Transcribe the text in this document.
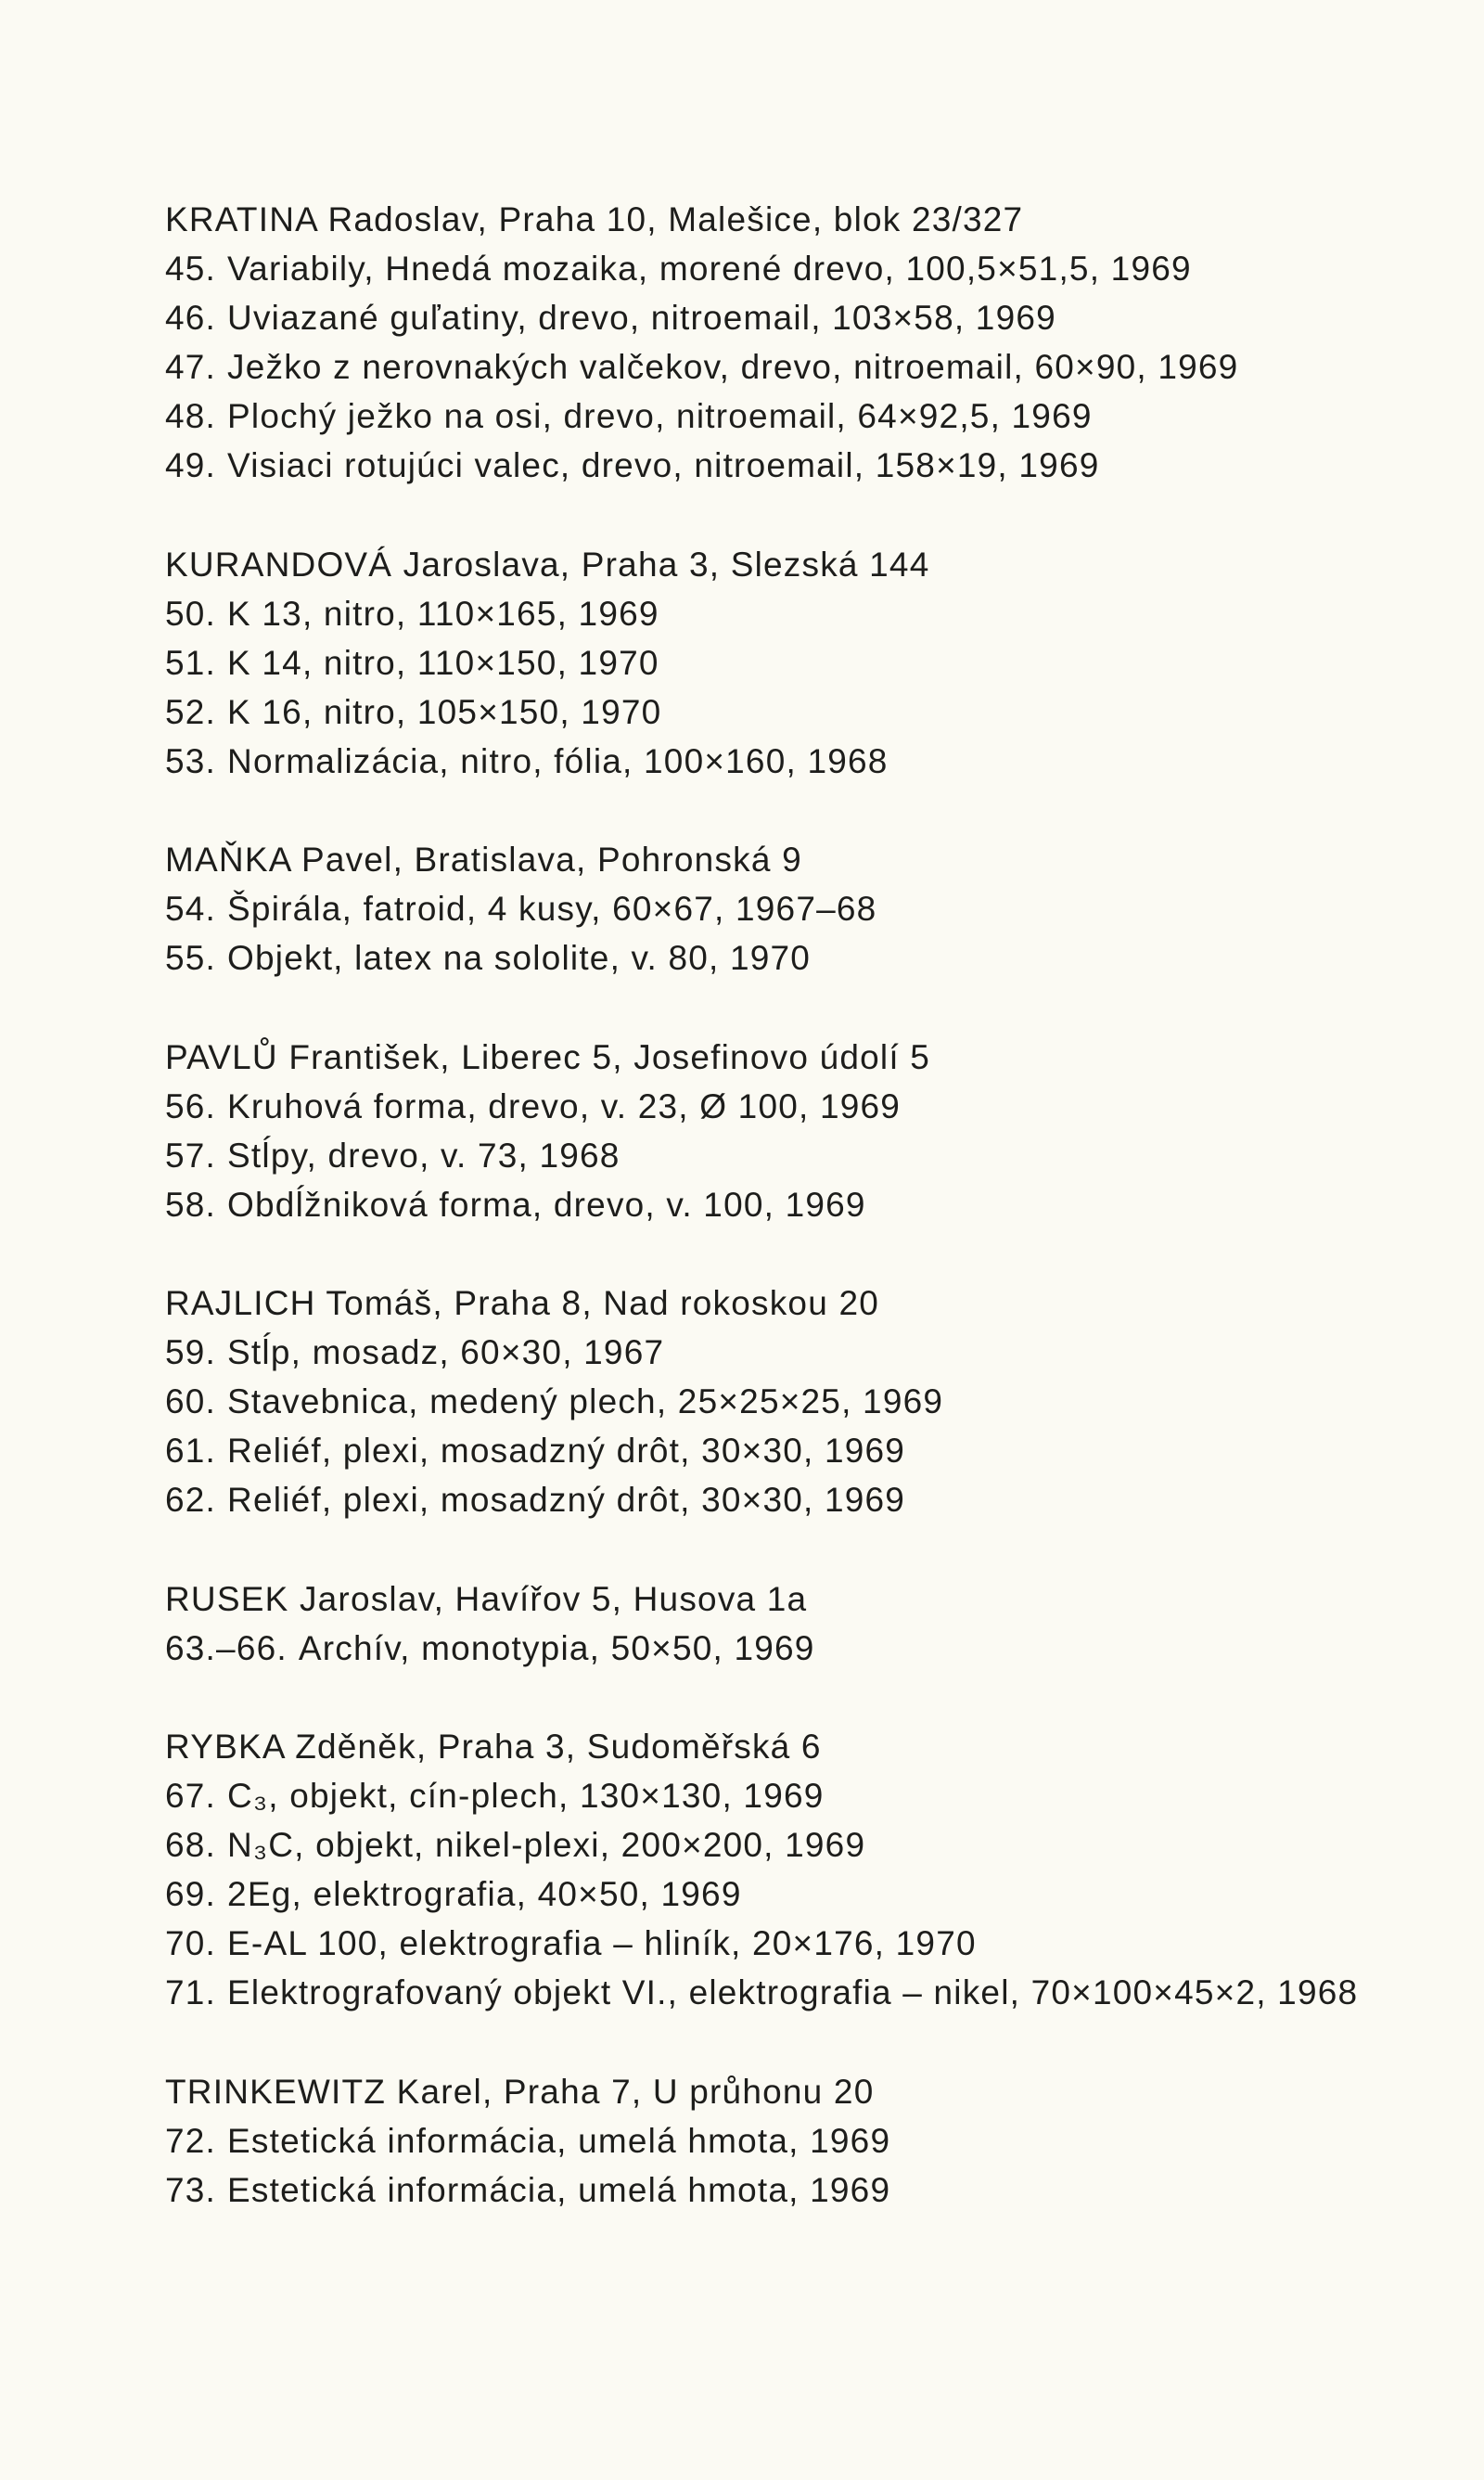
KRATINA Radoslav, Praha 10, Malešice, blok 23/327
45. Variabily, Hnedá mozaika, morené drevo, 100,5×51,5, 1969
46. Uviazané guľatiny, drevo, nitroemail, 103×58, 1969
47. Ježko z nerovnakých valčekov, drevo, nitroemail, 60×90, 1969
48. Plochý ježko na osi, drevo, nitroemail, 64×92,5, 1969
49. Visiaci rotujúci valec, drevo, nitroemail, 158×19, 1969
KURANDOVÁ Jaroslava, Praha 3, Slezská 144
50. K 13, nitro, 110×165, 1969
51. K 14, nitro, 110×150, 1970
52. K 16, nitro, 105×150, 1970
53. Normalizácia, nitro, fólia, 100×160, 1968
MAŇKA Pavel, Bratislava, Pohronská 9
54. Špirála, fatroid, 4 kusy, 60×67, 1967–68
55. Objekt, latex na sololite, v. 80, 1970
PAVLŮ František, Liberec 5, Josefinovo údolí 5
56. Kruhová forma, drevo, v. 23, Ø 100, 1969
57. Stĺpy, drevo, v. 73, 1968
58. Obdĺžniková forma, drevo, v. 100, 1969
RAJLICH Tomáš, Praha 8, Nad rokoskou 20
59. Stĺp, mosadz, 60×30, 1967
60. Stavebnica, medený plech, 25×25×25, 1969
61. Reliéf, plexi, mosadzný drôt, 30×30, 1969
62. Reliéf, plexi, mosadzný drôt, 30×30, 1969
RUSEK Jaroslav, Havířov 5, Husova 1a
63.–66. Archív, monotypia, 50×50, 1969
RYBKA Zděněk, Praha 3, Sudoměřská 6
67. C₃, objekt, cín-plech, 130×130, 1969
68. N₃C, objekt, nikel-plexi, 200×200, 1969
69. 2Eg, elektrografia, 40×50, 1969
70. E-AL 100, elektrografia – hliník, 20×176, 1970
71. Elektrografovaný objekt VI., elektrografia – nikel, 70×100×45×2, 1968
TRINKEWITZ Karel, Praha 7, U průhonu 20
72. Estetická informácia, umelá hmota, 1969
73. Estetická informácia, umelá hmota, 1969
